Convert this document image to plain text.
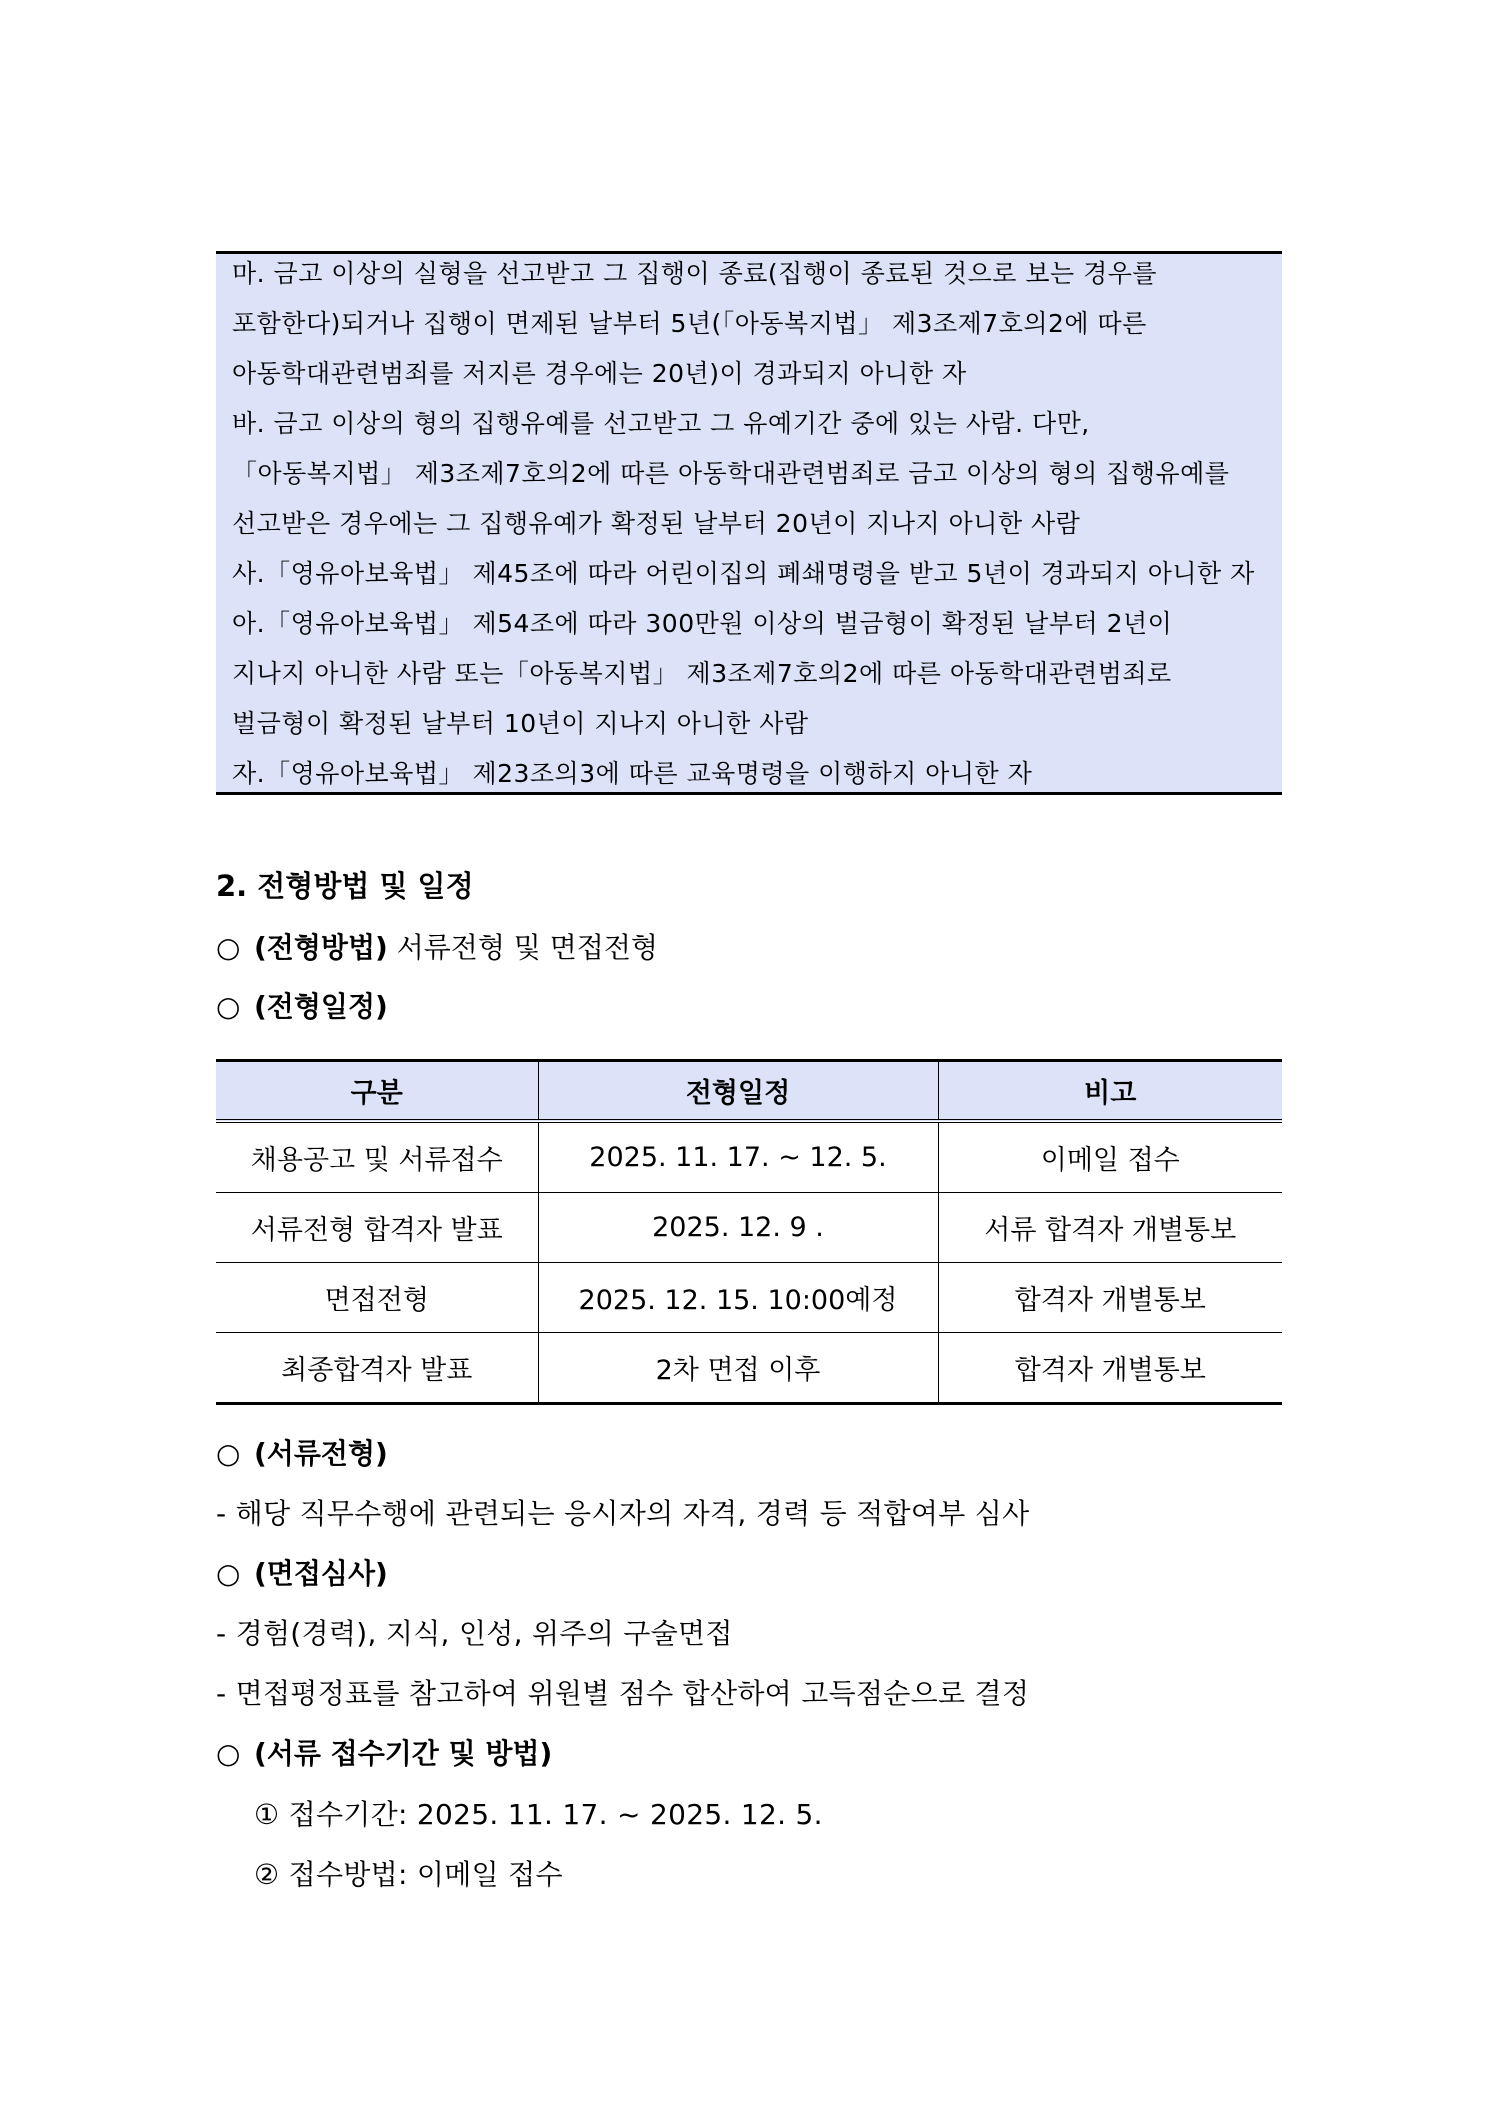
마. 금고 이상의 실형을 선고받고 그 집행이 종료(집행이 종료된 것으로 보는 경우를
포함한다)되거나 집행이 면제된 날부터 5년(「아동복지법」 제3조제7호의2에 따른
아동학대관련범죄를 저지른 경우에는 20년)이 경과되지 아니한 자
바. 금고 이상의 형의 집행유예를 선고받고 그 유예기간 중에 있는 사람. 다만,
「아동복지법」 제3조제7호의2에 따른 아동학대관련범죄로 금고 이상의 형의 집행유예를
선고받은 경우에는 그 집행유예가 확정된 날부터 20년이 지나지 아니한 사람
사.「영유아보육법」 제45조에 따라 어린이집의 폐쇄명령을 받고 5년이 경과되지 아니한 자
아.「영유아보육법」 제54조에 따라 300만원 이상의 벌금형이 확정된 날부터 2년이
지나지 아니한 사람 또는「아동복지법」 제3조제7호의2에 따른 아동학대관련범죄로
벌금형이 확정된 날부터 10년이 지나지 아니한 사람
자.「영유아보육법」 제23조의3에 따른 교육명령을 이행하지 아니한 자
2. 전형방법 및 일정
○ (전형방법) 서류전형 및 면접전형
○ (전형일정)
구분	전형일정	비고
채용공고 및 서류접수	2025. 11. 17. ~ 12. 5.	이메일 접수
서류전형 합격자 발표	2025. 12. 9 .	서류 합격자 개별통보
면접전형	2025. 12. 15. 10:00예정	합격자 개별통보
최종합격자 발표	2차 면접 이후	합격자 개별통보
○ (서류전형)
- 해당 직무수행에 관련되는 응시자의 자격, 경력 등 적합여부 심사
○ (면접심사)
- 경험(경력), 지식, 인성, 위주의 구술면접
- 면접평정표를 참고하여 위원별 점수 합산하여 고득점순으로 결정
○ (서류 접수기간 및 방법)
① 접수기간: 2025. 11. 17. ~ 2025. 12. 5.
② 접수방법: 이메일 접수
